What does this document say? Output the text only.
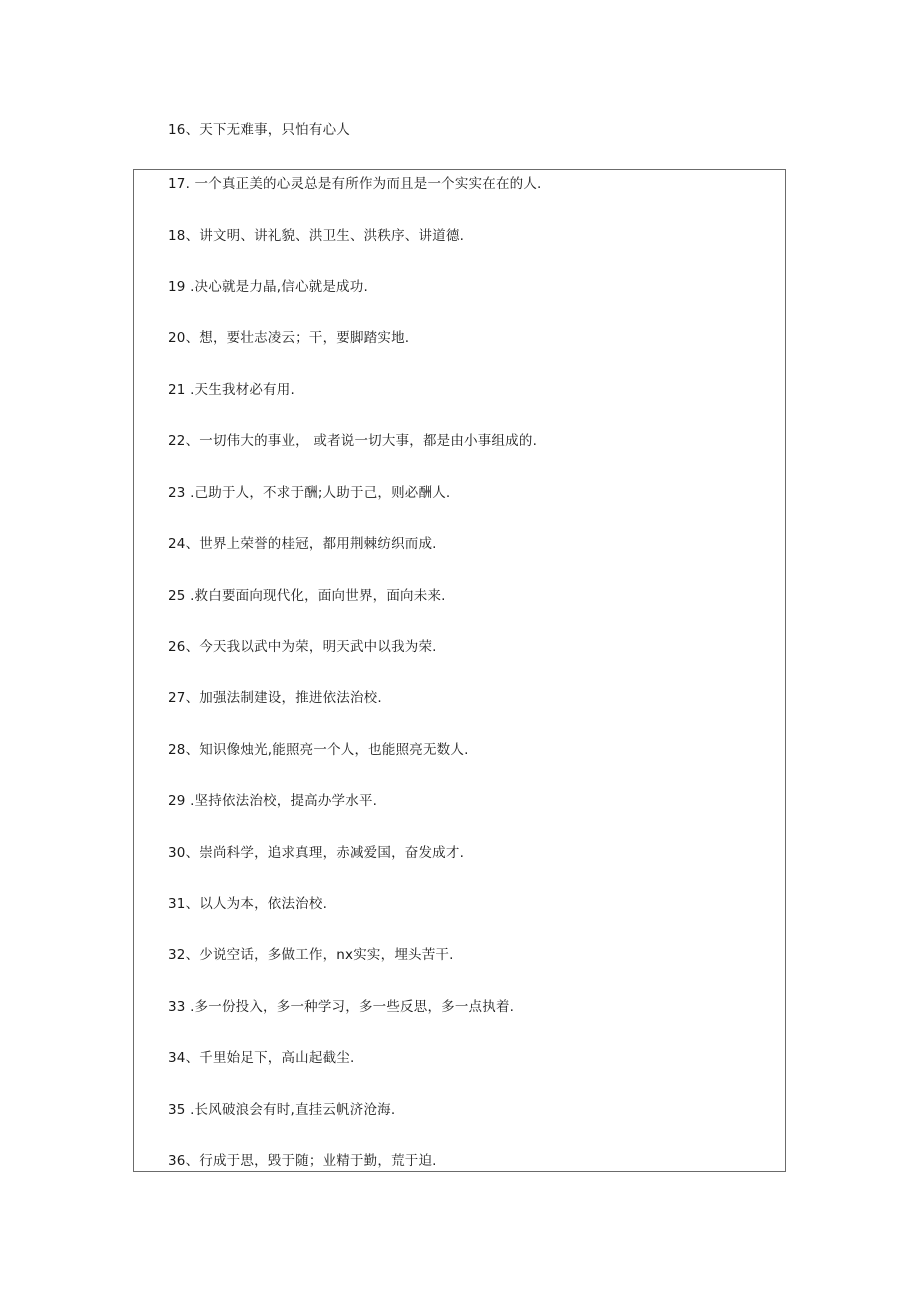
16、天下无难事，只怕有心人
17. 一个真正美的心灵总是有所作为而且是一个实实在在的人.
18、讲文明、讲礼貌、洪卫生、洪秩序、讲道德.
19 .决心就是力晶,信心就是成功.
20、想，要壮志凌云；干，要脚踏实地.
21 .天生我材必有用.
22、一切伟大的事业， 或者说一切大事，都是由小事组成的.
23 .己助于人，不求于酬;人助于己，则必酬人.
24、世界上荣誉的桂冠，都用荆棘纺织而成.
25 .救白要面向现代化，面向世界，面向未来.
26、今天我以武中为荣，明天武中以我为荣.
27、加强法制建设，推进依法治校.
28、知识像烛光,能照亮一个人，也能照亮无数人.
29 .坚持依法治校，提高办学水平.
30、崇尚科学，追求真理，赤减爱国，奋发成才.
31、以人为本，依法治校.
32、少说空话，多做工作，nx实实，埋头苦干.
33 .多一份投入，多一种学习，多一些反思，多一点执着.
34、千里始足下，高山起截尘.
35 .长风破浪会有时,直挂云帆济沧海.
36、行成于思，毁于随；业精于勤，荒于迫.
